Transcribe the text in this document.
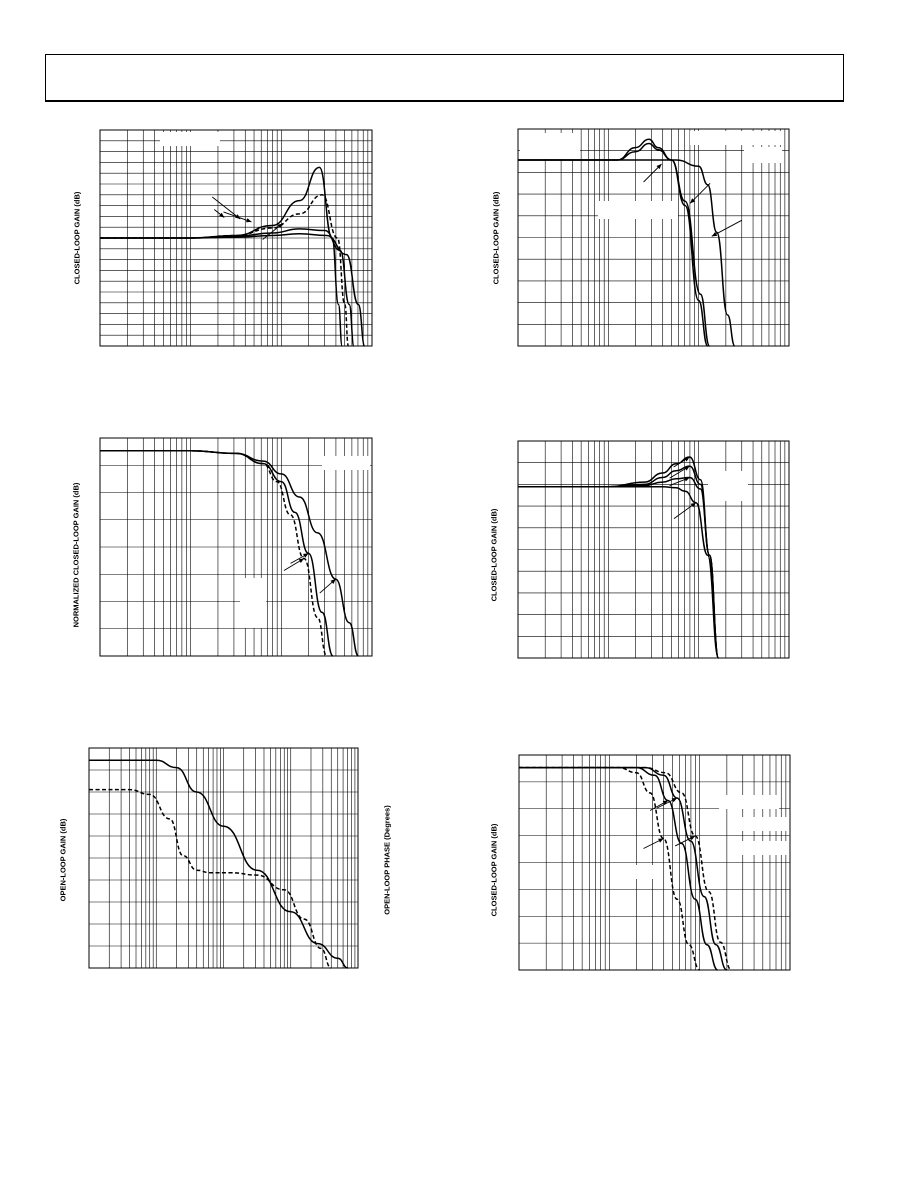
CLOSED-LOOP GAIN (dB)	CLOSED-LOOP GAIN (dB)
NORMALIZED CLOSED-LOOP GAIN (dB)	CLOSED-LOOP GAIN (dB)
OPEN-LOOP GAIN (dB)	OPEN-LOOP PHASE (Degrees)	CLOSED-LOOP GAIN (dB)
